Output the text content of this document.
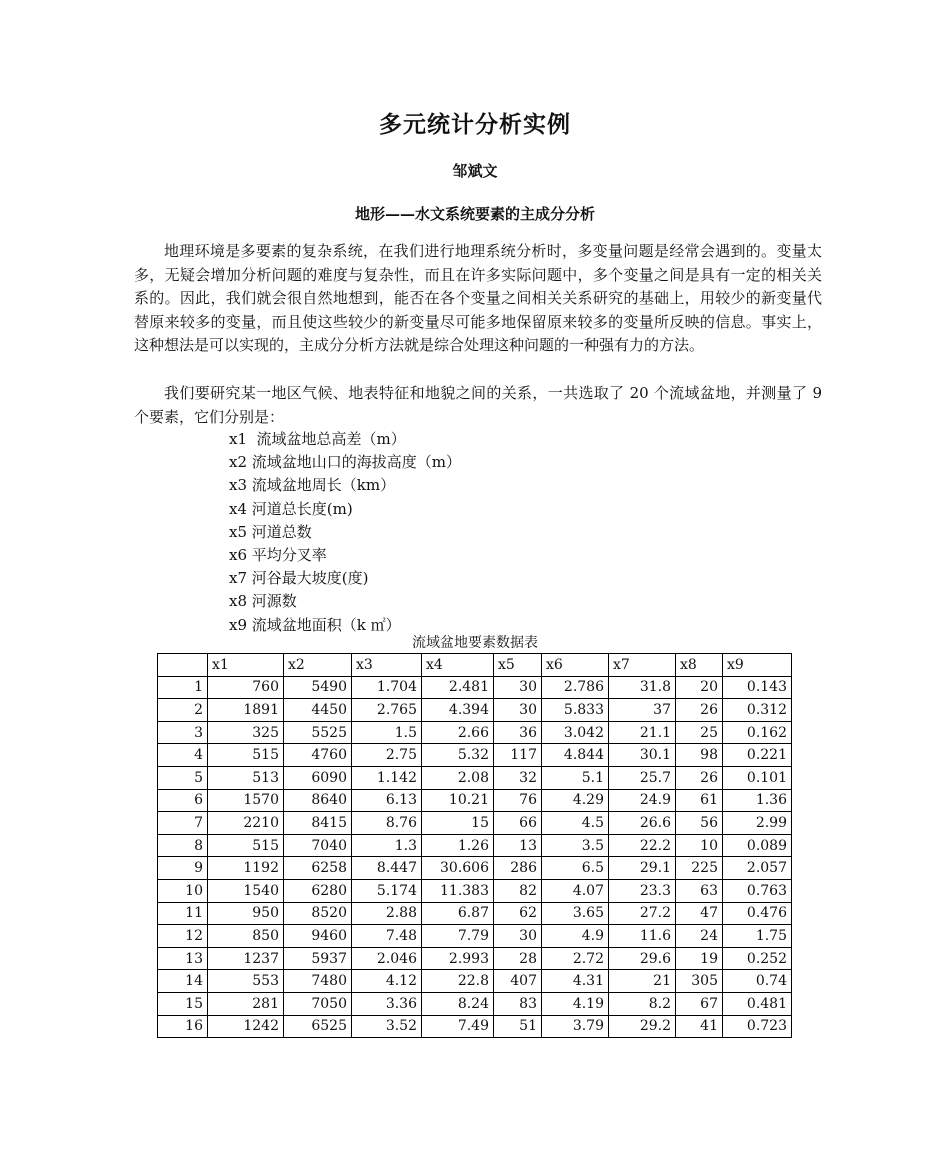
多元统计分析实例
邹斌文
地形——水文系统要素的主成分分析

地理环境是多要素的复杂系统，在我们进行地理系统分析时，多变量问题是经常会遇到的。变量太多，无疑会增加分析问题的难度与复杂性，而且在许多实际问题中，多个变量之间是具有一定的相关关系的。因此，我们就会很自然地想到，能否在各个变量之间相关关系研究的基础上，用较少的新变量代替原来较多的变量，而且使这些较少的新变量尽可能多地保留原来较多的变量所反映的信息。事实上，这种想法是可以实现的，主成分分析方法就是综合处理这种问题的一种强有力的方法。

我们要研究某一地区气候、地表特征和地貌之间的关系，一共选取了 20 个流域盆地，并测量了 9 个要素，它们分别是：

x1  流域盆地总高差（m）
x2 流域盆地山口的海拔高度（m）
x3 流域盆地周长（km）
x4 河道总长度(m)
x5 河道总数
x6 平均分叉率
x7 河谷最大坡度(度)
x8 河源数
x9 流域盆地面积（k ㎡）
流域盆地要素数据表
	x1	x2	x3	x4	x5	x6	x7	x8	x9
1	760	5490	1.704	2.481	30	2.786	31.8	20	0.143
2	1891	4450	2.765	4.394	30	5.833	37	26	0.312
3	325	5525	1.5	2.66	36	3.042	21.1	25	0.162
4	515	4760	2.75	5.32	117	4.844	30.1	98	0.221
5	513	6090	1.142	2.08	32	5.1	25.7	26	0.101
6	1570	8640	6.13	10.21	76	4.29	24.9	61	1.36
7	2210	8415	8.76	15	66	4.5	26.6	56	2.99
8	515	7040	1.3	1.26	13	3.5	22.2	10	0.089
9	1192	6258	8.447	30.606	286	6.5	29.1	225	2.057
10	1540	6280	5.174	11.383	82	4.07	23.3	63	0.763
11	950	8520	2.88	6.87	62	3.65	27.2	47	0.476
12	850	9460	7.48	7.79	30	4.9	11.6	24	1.75
13	1237	5937	2.046	2.993	28	2.72	29.6	19	0.252
14	553	7480	4.12	22.8	407	4.31	21	305	0.74
15	281	7050	3.36	8.24	83	4.19	8.2	67	0.481
16	1242	6525	3.52	7.49	51	3.79	29.2	41	0.723
